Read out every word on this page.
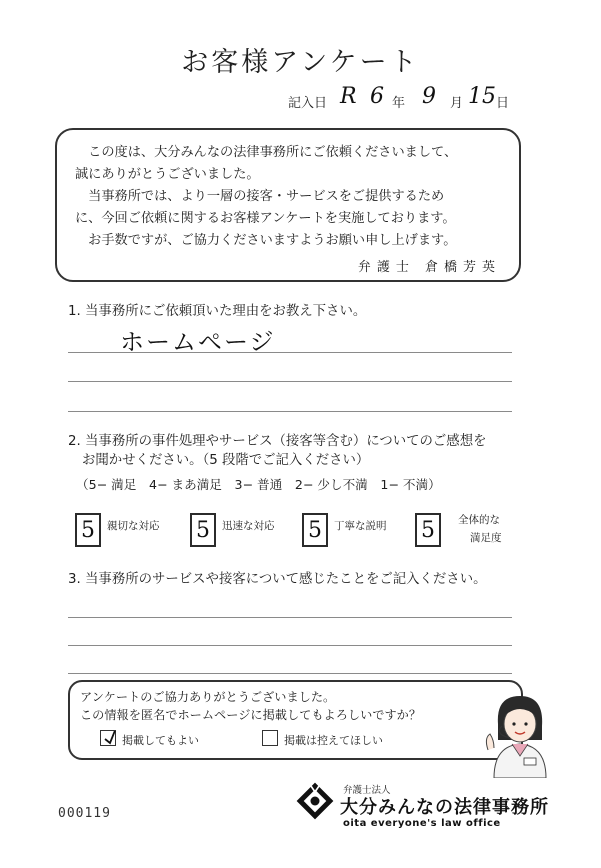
お客様アンケート
記入日 R 6 年 9 月 15 日
　この度は、大分みんなの法律事務所にご依頼くださいまして、
誠にありがとうございました。
　当事務所では、より一層の接客・サービスをご提供するため
に、今回ご依頼に関するお客様アンケートを実施しております。
　お手数ですが、ご協力くださいますようお願い申し上げます。
弁護士 倉橋芳英
1. 当事務所にご依頼頂いた理由をお教え下さい。
ホームページ
2. 当事務所の事件処理やサービス（接客等含む）についてのご感想を
お聞かせください。（5 段階でご記入ください）
（5− 満足　4− まあ満足　3− 普通　2− 少し不満　1− 不満）
5 親切な対応 5 迅速な対応 5 丁寧な説明 5 全体的な
満足度
3. 当事務所のサービスや接客について感じたことをご記入ください。
アンケートのご協力ありがとうございました。
この情報を匿名でホームページに掲載してもよろしいですか？
掲載してもよい	掲載は控えてほしい
000119
弁護士法人
大分みんなの法律事務所
oita everyone's law office
